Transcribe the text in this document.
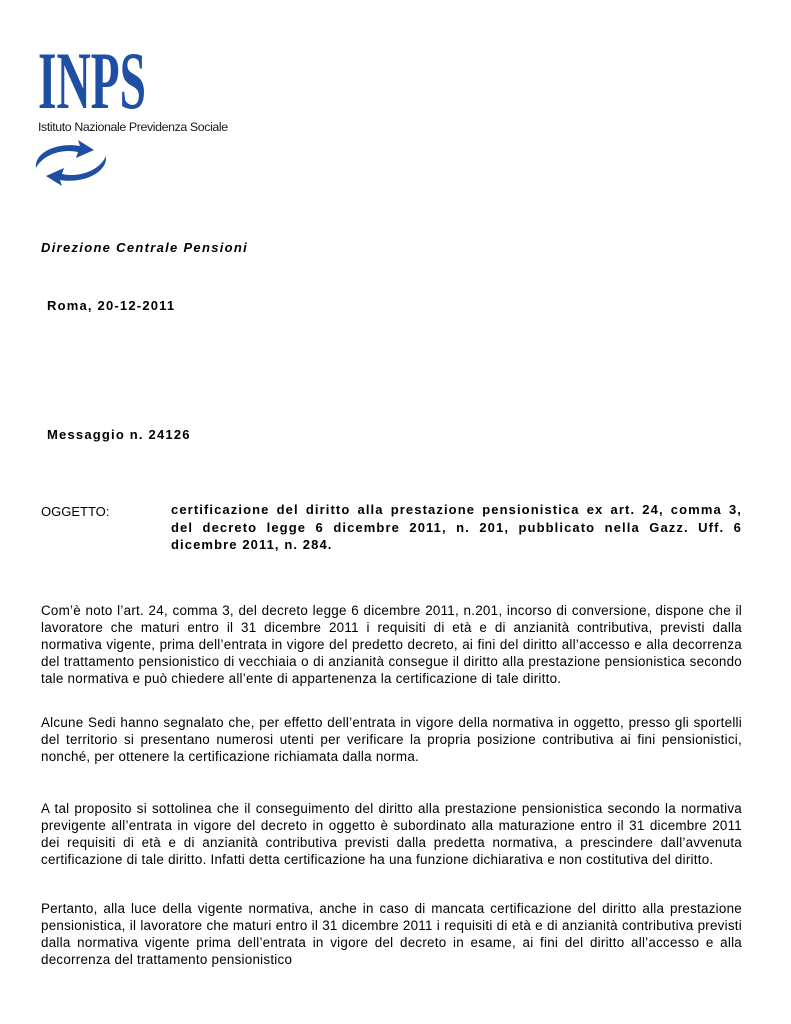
INPS
Istituto Nazionale Previdenza Sociale
Direzione Centrale Pensioni
Roma, 20-12-2011
Messaggio n. 24126
OGGETTO:	certificazione del diritto alla prestazione pensionistica ex art. 24, comma 3, del decreto legge 6 dicembre 2011, n. 201, pubblicato nella Gazz. Uff. 6 dicembre 2011, n. 284.

Com’è noto l’art. 24, comma 3, del decreto legge 6 dicembre 2011, n.201, incorso di conversione, dispone che il lavoratore che maturi entro il 31 dicembre 2011 i requisiti di età e di anzianità contributiva, previsti dalla normativa vigente, prima dell’entrata in vigore del predetto decreto, ai fini del diritto all’accesso e alla decorrenza del trattamento pensionistico di vecchiaia o di anzianità consegue il diritto alla prestazione pensionistica secondo tale normativa e può chiedere all’ente di appartenenza la certificazione di tale diritto.

Alcune Sedi hanno segnalato che, per effetto dell’entrata in vigore della normativa in oggetto, presso gli sportelli del territorio si presentano numerosi utenti per verificare la propria posizione contributiva ai fini pensionistici, nonché, per ottenere la certificazione richiamata dalla norma.

A tal proposito si sottolinea che il conseguimento del diritto alla prestazione pensionistica secondo la normativa previgente all’entrata in vigore del decreto in oggetto è subordinato alla maturazione entro il 31 dicembre 2011 dei requisiti di età e di anzianità contributiva previsti dalla predetta normativa, a prescindere dall’avvenuta certificazione di tale diritto. Infatti detta certificazione ha una funzione dichiarativa e non costitutiva del diritto.

Pertanto, alla luce della vigente normativa, anche in caso di mancata certificazione del diritto alla prestazione pensionistica, il lavoratore che maturi entro il 31 dicembre 2011 i requisiti di età e di anzianità contributiva previsti dalla normativa vigente prima dell’entrata in vigore del decreto in esame, ai fini del diritto all’accesso e alla decorrenza del trattamento pensionistico
